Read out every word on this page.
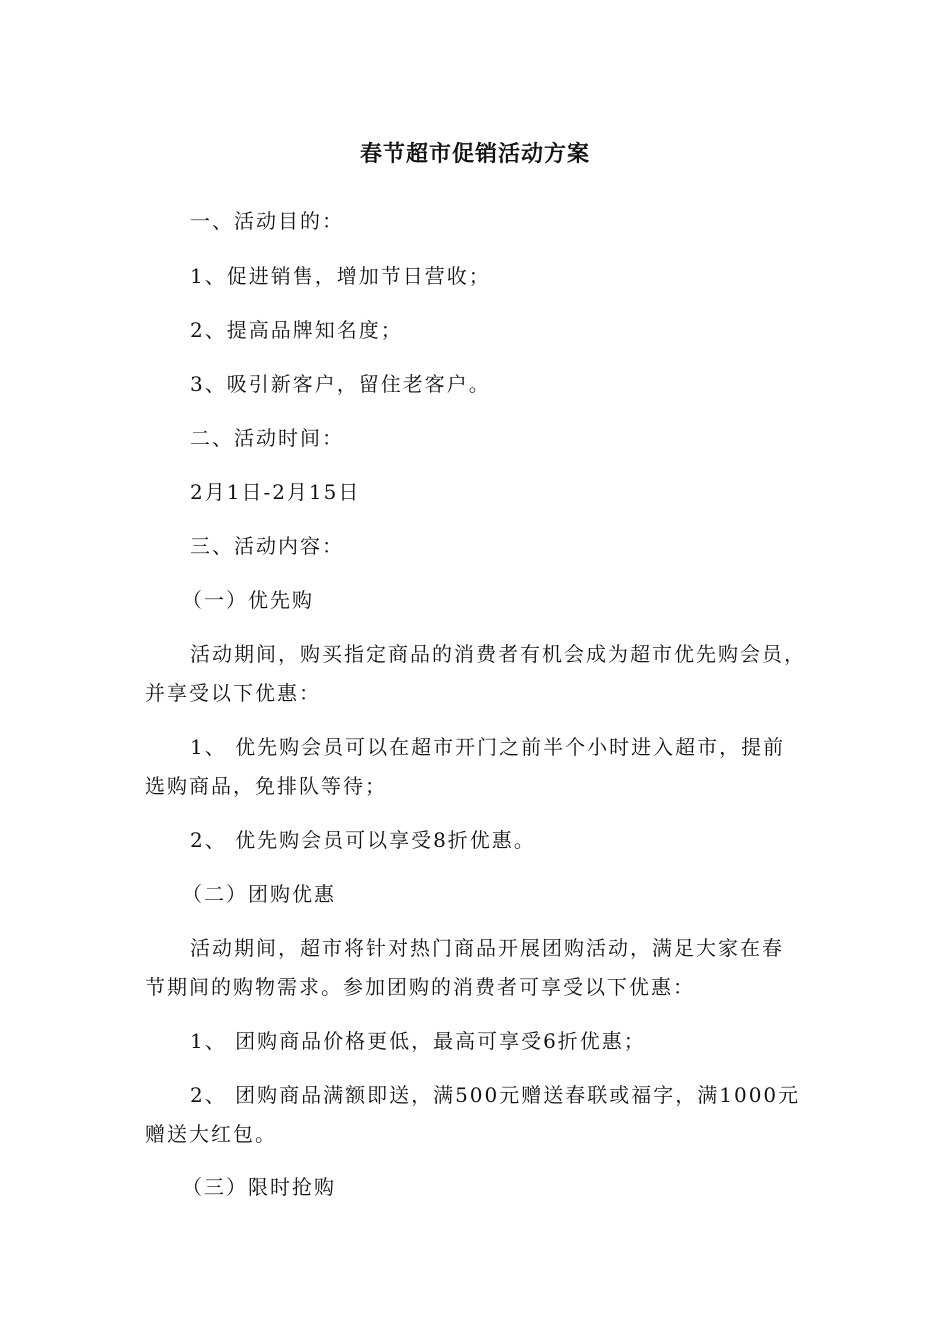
春节超市促销活动方案
一、活动目的：
1、促进销售，增加节日营收；
2、提高品牌知名度；
3、吸引新客户，留住老客户。
二、活动时间：
2月1日-2月15日
三、活动内容：
（一）优先购
活动期间，购买指定商品的消费者有机会成为超市优先购会员，
并享受以下优惠：
1、 优先购会员可以在超市开门之前半个小时进入超市，提前
选购商品，免排队等待；
2、 优先购会员可以享受8折优惠。
（二）团购优惠
活动期间，超市将针对热门商品开展团购活动，满足大家在春
节期间的购物需求。参加团购的消费者可享受以下优惠：
1、 团购商品价格更低，最高可享受6折优惠；
2、 团购商品满额即送，满500元赠送春联或福字，满1000元
赠送大红包。
（三）限时抢购
